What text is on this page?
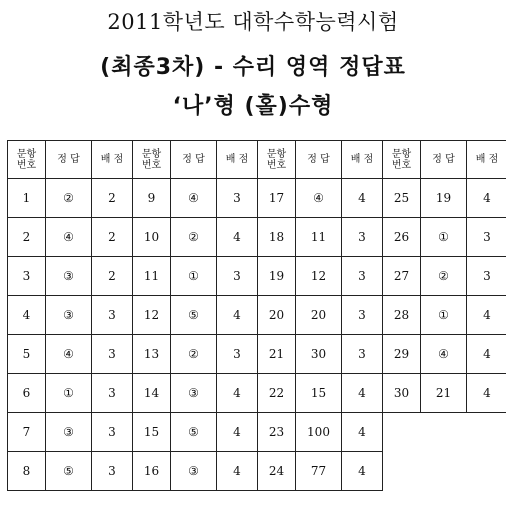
2011학년도 대학수학능력시험
(최종3차) - 수리 영역 정답표
‘나’형 (홀)수형
문항
번호	정 답	배 점
1	②	2
2	④	2
3	③	2
4	③	3
5	④	3
6	①	3
7	③	3
8	⑤	3
문항
번호	정 답	배 점
9	④	3
10	②	4
11	①	3
12	⑤	4
13	②	3
14	③	4
15	⑤	4
16	③	4
문항
번호	정 답	배 점
17	④	4
18	11	3
19	12	3
20	20	3
21	30	3
22	15	4
23	100	4
24	77	4
문항
번호	정 답	배 점
25	19	4
26	①	3
27	②	3
28	①	4
29	④	4
30	21	4
